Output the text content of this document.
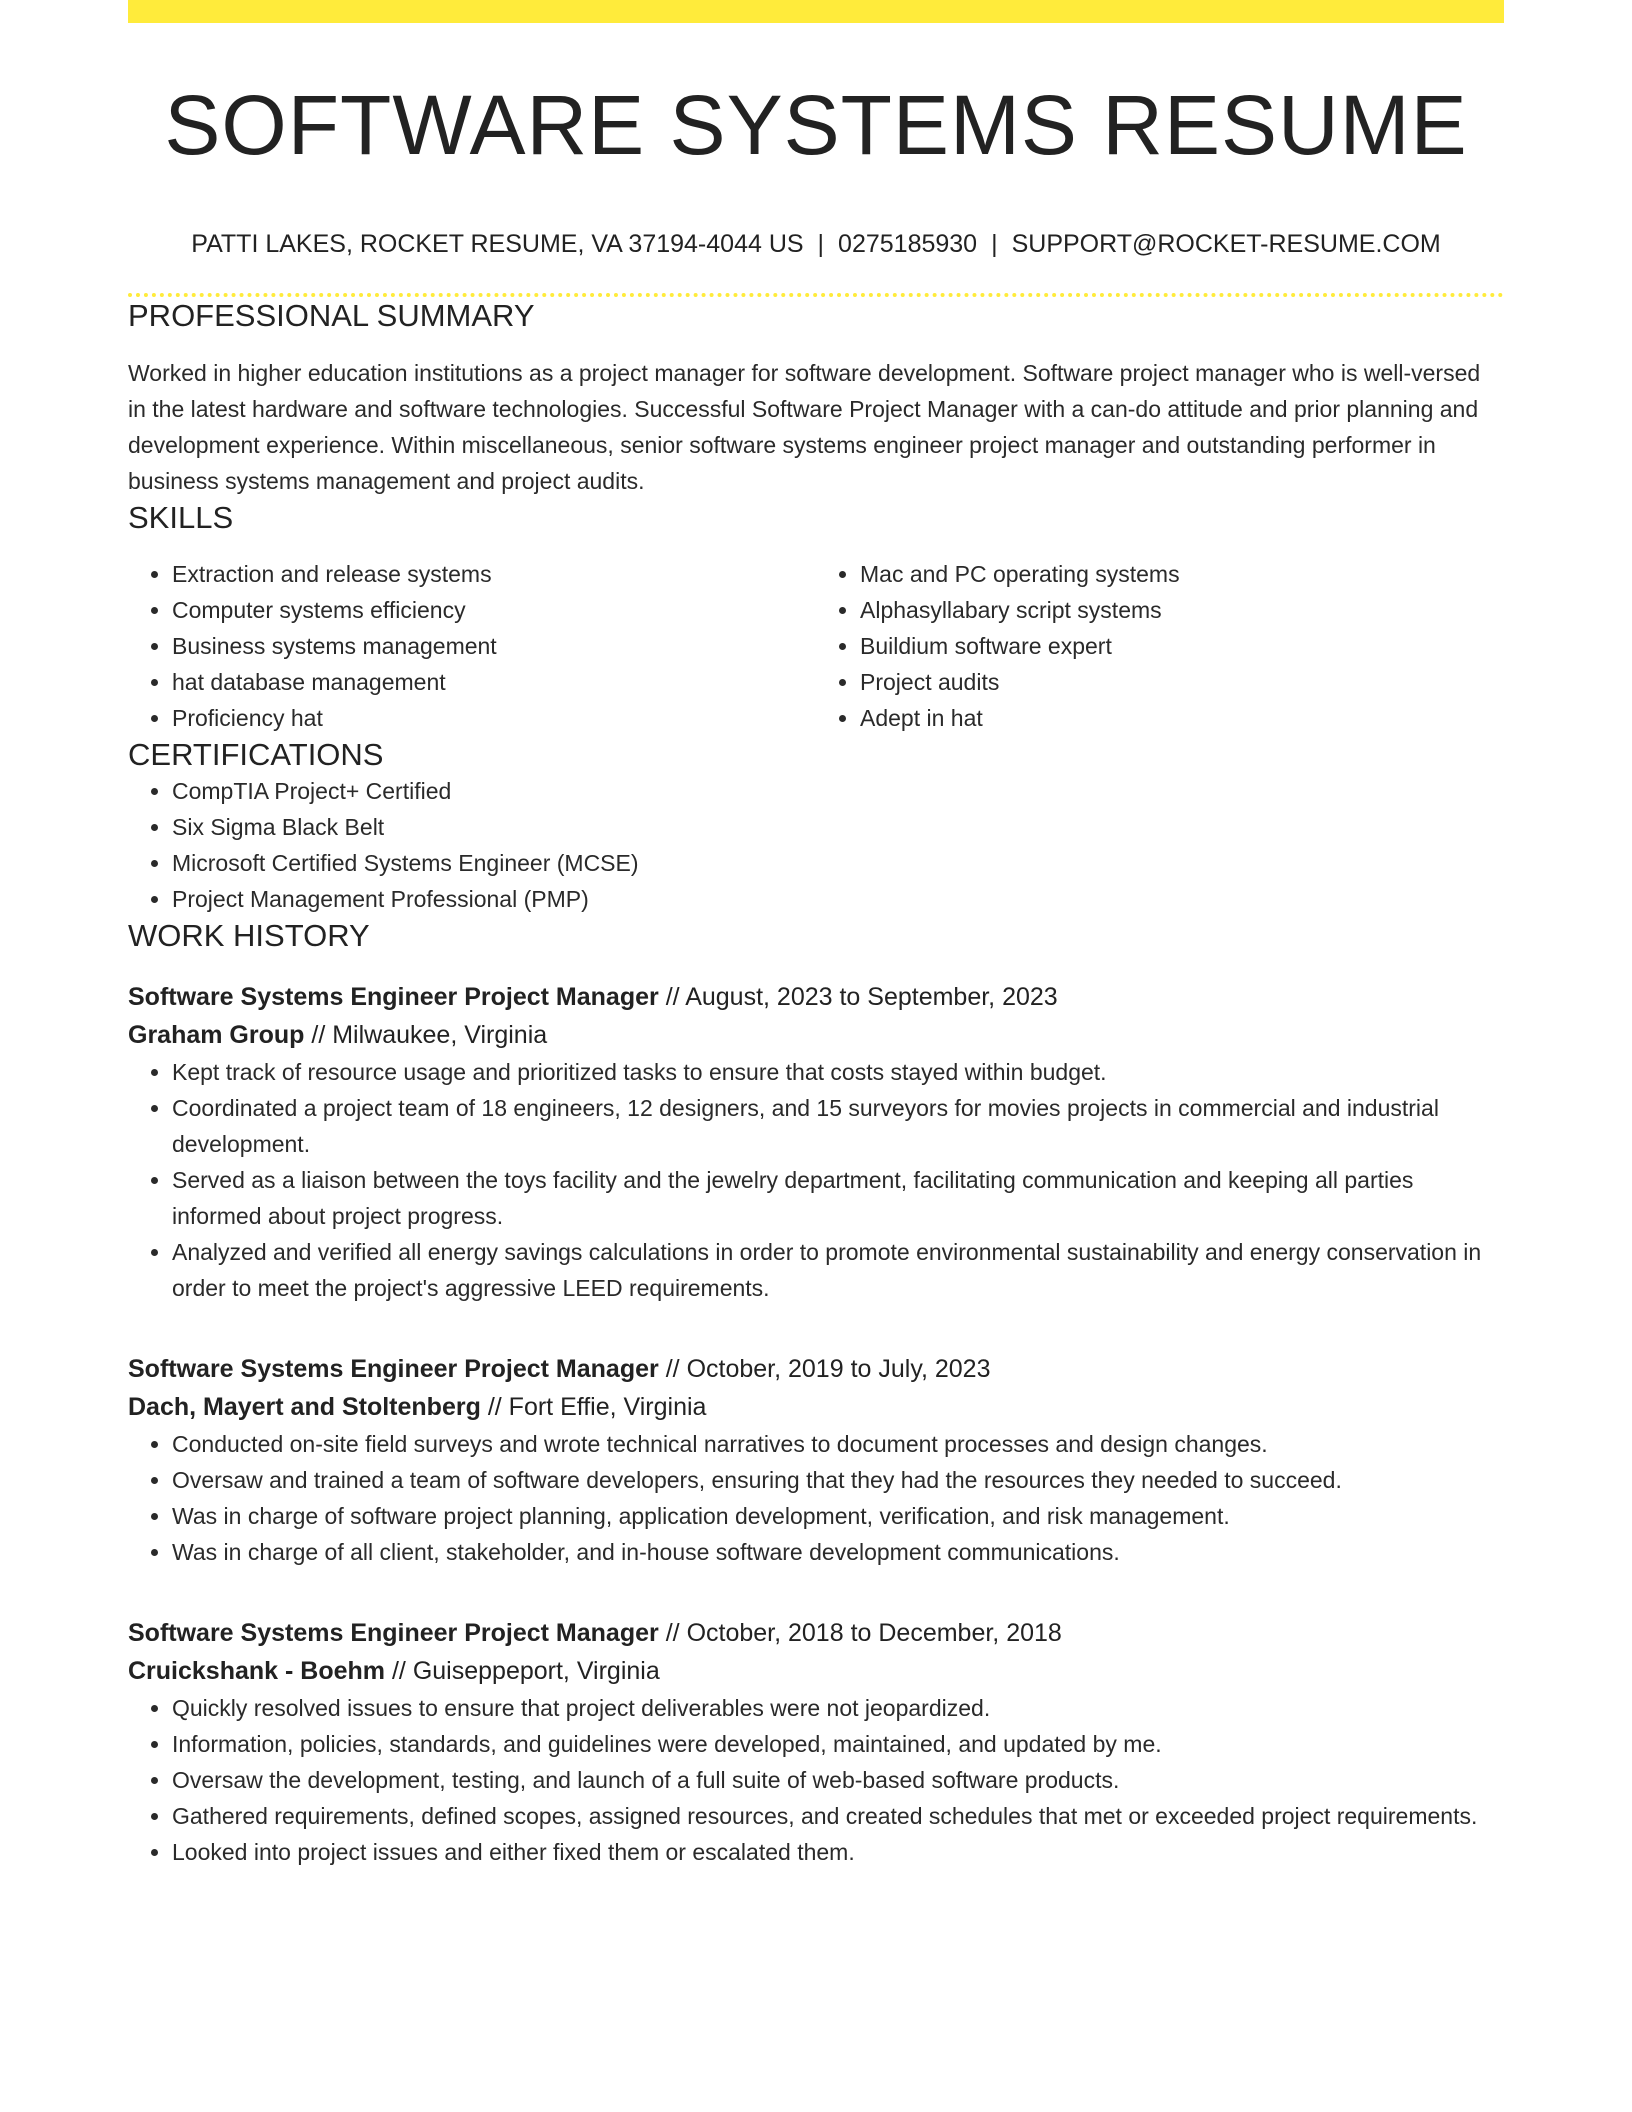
SOFTWARE SYSTEMS RESUME
PATTI LAKES, ROCKET RESUME, VA 37194-4044 US | 0275185930 | SUPPORT@ROCKET-RESUME.COM
PROFESSIONAL SUMMARY

Worked in higher education institutions as a project manager for software development. Software project manager who is well-versed in the latest hardware and software technologies. Successful Software Project Manager with a can-do attitude and prior planning and development experience. Within miscellaneous, senior software systems engineer project manager and outstanding performer in business systems management and project audits.

SKILLS
• Extraction and release systems
• Computer systems efficiency
• Business systems management
• hat database management
• Proficiency hat
• Mac and PC operating systems
• Alphasyllabary script systems
• Buildium software expert
• Project audits
• Adept in hat
CERTIFICATIONS
• CompTIA Project+ Certified
• Six Sigma Black Belt
• Microsoft Certified Systems Engineer (MCSE)
• Project Management Professional (PMP)
WORK HISTORY
Software Systems Engineer Project Manager // August, 2023 to September, 2023
Graham Group // Milwaukee, Virginia
• Kept track of resource usage and prioritized tasks to ensure that costs stayed within budget.
• Coordinated a project team of 18 engineers, 12 designers, and 15 surveyors for movies projects in commercial and industrial development.
• Served as a liaison between the toys facility and the jewelry department, facilitating communication and keeping all parties informed about project progress.
• Analyzed and verified all energy savings calculations in order to promote environmental sustainability and energy conservation in order to meet the project's aggressive LEED requirements.
Software Systems Engineer Project Manager // October, 2019 to July, 2023
Dach, Mayert and Stoltenberg // Fort Effie, Virginia
• Conducted on-site field surveys and wrote technical narratives to document processes and design changes.
• Oversaw and trained a team of software developers, ensuring that they had the resources they needed to succeed.
• Was in charge of software project planning, application development, verification, and risk management.
• Was in charge of all client, stakeholder, and in-house software development communications.
Software Systems Engineer Project Manager // October, 2018 to December, 2018
Cruickshank - Boehm // Guiseppeport, Virginia
• Quickly resolved issues to ensure that project deliverables were not jeopardized.
• Information, policies, standards, and guidelines were developed, maintained, and updated by me.
• Oversaw the development, testing, and launch of a full suite of web-based software products.
• Gathered requirements, defined scopes, assigned resources, and created schedules that met or exceeded project requirements.
• Looked into project issues and either fixed them or escalated them.
